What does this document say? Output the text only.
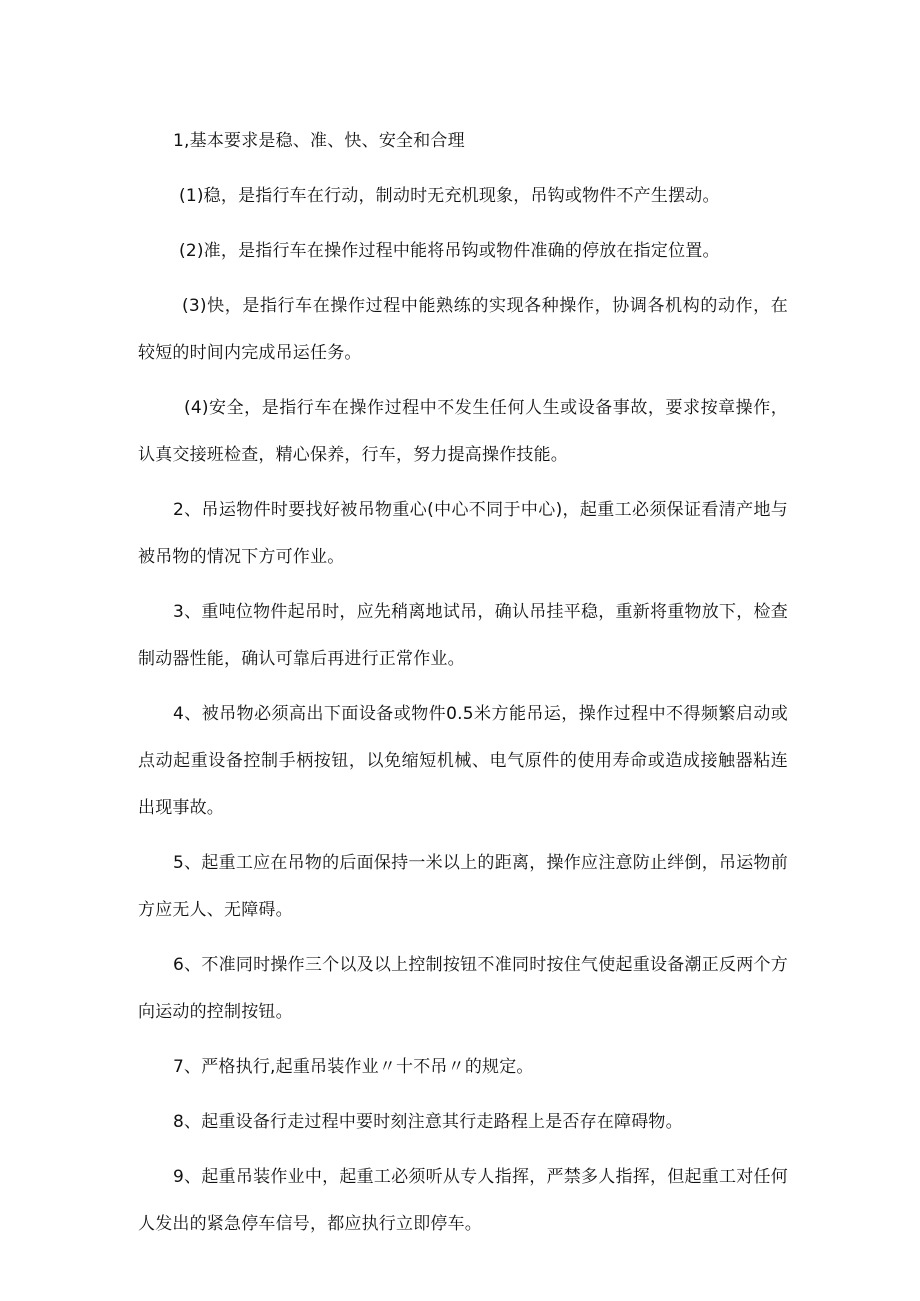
1,基本要求是稳、准、快、安全和合理

(1)稳，是指行车在行动，制动时无充机现象，吊钩或物件不产生摆动。

(2)准，是指行车在操作过程中能将吊钩或物件准确的停放在指定位置。

(3)快，是指行车在操作过程中能熟练的实现各种操作，协调各机构的动作，在较短的时间内完成吊运任务。

(4)安全，是指行车在操作过程中不发生任何人生或设备事故，要求按章操作，认真交接班检查，精心保养，行车，努力提高操作技能。

2、吊运物件时要找好被吊物重心(中心不同于中心)，起重工必须保证看清产地与被吊物的情况下方可作业。

3、重吨位物件起吊时，应先稍离地试吊，确认吊挂平稳，重新将重物放下，检查制动器性能，确认可靠后再进行正常作业。

4、被吊物必须高出下面设备或物件0.5米方能吊运，操作过程中不得频繁启动或点动起重设备控制手柄按钮，以免缩短机械、电气原件的使用寿命或造成接触器粘连出现事故。

5、起重工应在吊物的后面保持一米以上的距离，操作应注意防止绊倒，吊运物前方应无人、无障碍。

6、不准同时操作三个以及以上控制按钮不准同时按住气使起重设备潮正反两个方向运动的控制按钮。

7、严格执行,起重吊装作业〃十不吊〃的规定。

8、起重设备行走过程中要时刻注意其行走路程上是否存在障碍物。

9、起重吊装作业中，起重工必须听从专人指挥，严禁多人指挥，但起重工对任何人发出的紧急停车信号，都应执行立即停车。
